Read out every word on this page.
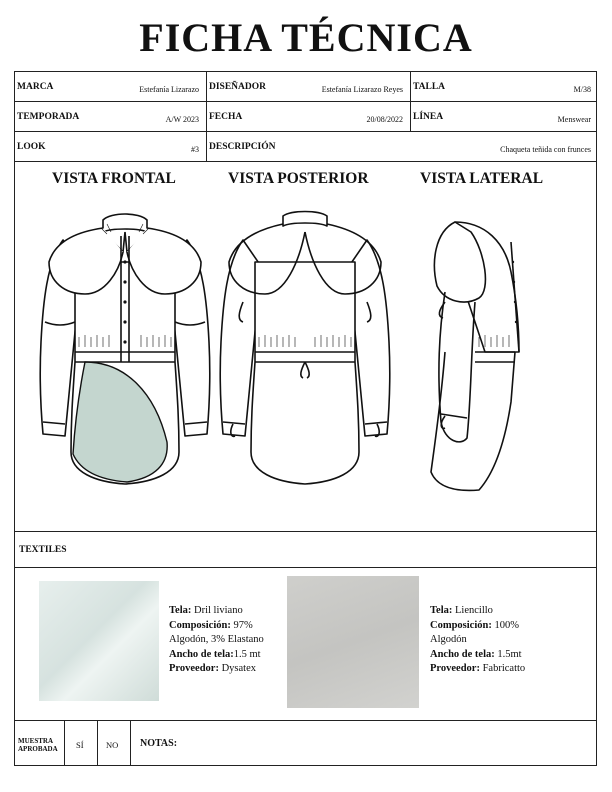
FICHA TÉCNICA
MARCA	Estefanía Lizarazo DISEÑADOR	Estefanía Lizarazo Reyes TALLA	M/38
TEMPORADA	A/W 2023 FECHA	20/08/2022 LÍNEA	Menswear
LOOK	#3 DESCRIPCIÓN	Chaqueta teñida con frunces
VISTA FRONTAL	VISTA POSTERIOR	VISTA LATERAL
TEXTILES
Tela: Dril liviano
Composición: 97%
Algodón, 3% Elastano
Ancho de tela:1.5 mt
Proveedor: Dysatex
Tela: Liencillo
Composición: 100%
Algodón
Ancho de tela: 1.5mt
Proveedor: Fabricatto
MUESTRA
APROBADA SÍ	NO NOTAS:
